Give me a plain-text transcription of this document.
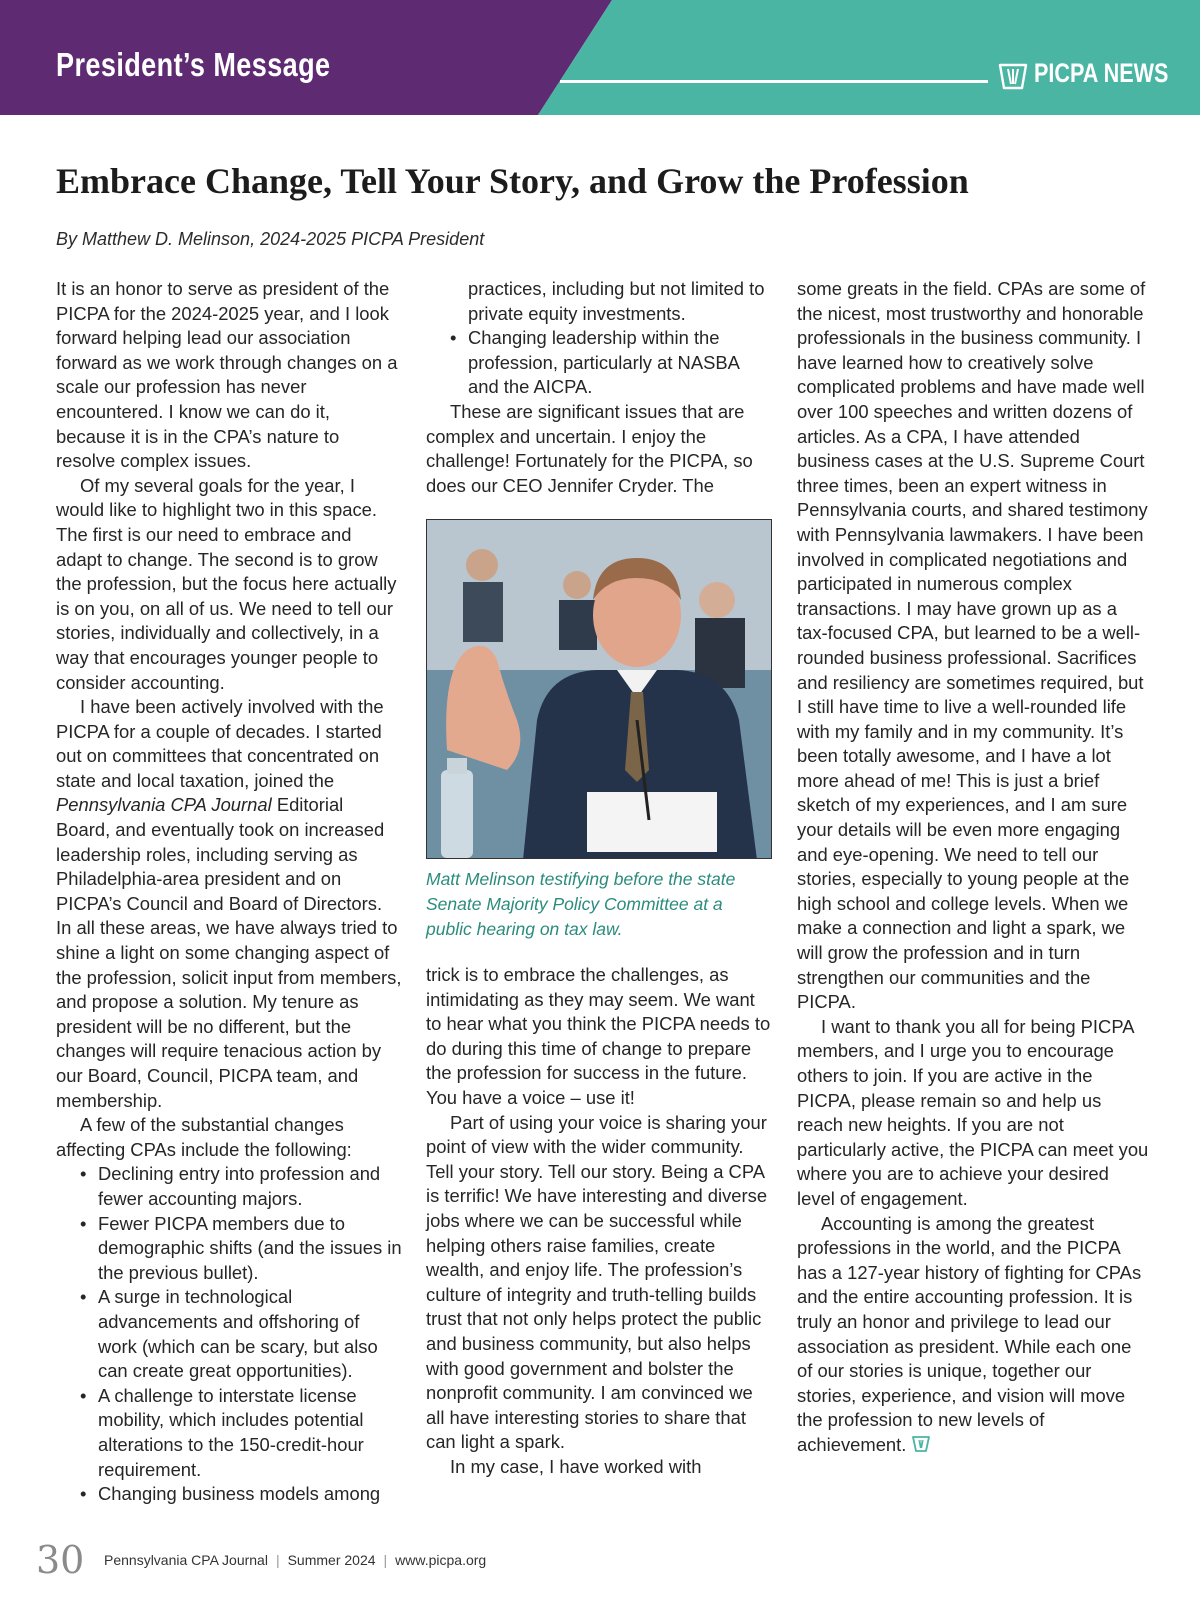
President’s Message	PICPA NEWS
Embrace Change, Tell Your Story, and Grow the Profession

By Matthew D. Melinson, 2024-2025 PICPA President

It is an honor to serve as president of the PICPA for the 2024-2025 year, and I look forward helping lead our association forward as we work through changes on a scale our profession has never encountered. I know we can do it, because it is in the CPA’s nature to resolve complex issues.

Of my several goals for the year, I would like to highlight two in this space. The first is our need to embrace and adapt to change. The second is to grow the profession, but the focus here actually is on you, on all of us. We need to tell our stories, individually and collectively, in a way that encourages younger people to consider accounting.

I have been actively involved with the PICPA for a couple of decades. I started out on committees that concentrated on state and local taxation, joined the Pennsylvania CPA Journal Editorial Board, and eventually took on increased leadership roles, including serving as Philadelphia-area president and on PICPA’s Council and Board of Directors. In all these areas, we have always tried to shine a light on some changing aspect of the profession, solicit input from members, and propose a solution. My tenure as president will be no different, but the changes will require tenacious action by our Board, Council, PICPA team, and membership.

A few of the substantial changes affecting CPAs include the following:

• Declining entry into profession and fewer accounting majors.
• Fewer PICPA members due to demographic shifts (and the issues in the previous bullet).
• A surge in technological advancements and offshoring of work (which can be scary, but also can create great opportunities).
• A challenge to interstate license mobility, which includes potential alterations to the 150-credit-hour requirement.
• Changing business models among
practices, including but not limited to private equity investments.
• Changing leadership within the profession, particularly at NASBA and the AICPA.

These are significant issues that are complex and uncertain. I enjoy the challenge! Fortunately for the PICPA, so does our CEO Jennifer Cryder. The

Matt Melinson testifying before the state Senate Majority Policy Committee at a public hearing on tax law.

trick is to embrace the challenges, as intimidating as they may seem. We want to hear what you think the PICPA needs to do during this time of change to prepare the profession for success in the future. You have a voice – use it!

Part of using your voice is sharing your point of view with the wider community. Tell your story. Tell our story. Being a CPA is terrific! We have interesting and diverse jobs where we can be successful while helping others raise families, create wealth, and enjoy life. The profession’s culture of integrity and truth-telling builds trust that not only helps protect the public and business community, but also helps with good government and bolster the nonprofit community. I am convinced we all have interesting stories to share that can light a spark.

In my case, I have worked with

some greats in the field. CPAs are some of the nicest, most trustworthy and honorable professionals in the business community. I have learned how to creatively solve complicated problems and have made well over 100 speeches and written dozens of articles. As a CPA, I have attended business cases at the U.S. Supreme Court three times, been an expert witness in Pennsylvania courts, and shared testimony with Pennsylvania lawmakers. I have been involved in complicated negotiations and participated in numerous complex transactions. I may have grown up as a tax-focused CPA, but learned to be a well-rounded business professional. Sacrifices and resiliency are sometimes required, but I still have time to live a well-rounded life with my family and in my community. It’s been totally awesome, and I have a lot more ahead of me! This is just a brief sketch of my experiences, and I am sure your details will be even more engaging and eye-opening. We need to tell our stories, especially to young people at the high school and college levels. When we make a connection and light a spark, we will grow the profession and in turn strengthen our communities and the PICPA.

I want to thank you all for being PICPA members, and I urge you to encourage others to join. If you are active in the PICPA, please remain so and help us reach new heights. If you are not particularly active, the PICPA can meet you where you are to achieve your desired level of engagement.

Accounting is among the greatest professions in the world, and the PICPA has a 127-year history of fighting for CPAs and the entire accounting profession. It is truly an honor and privilege to lead our association as president. While each one of our stories is unique, together our stories, experience, and vision will move the profession to new levels of achievement.

30 Pennsylvania CPA Journal | Summer 2024 | www.picpa.org
